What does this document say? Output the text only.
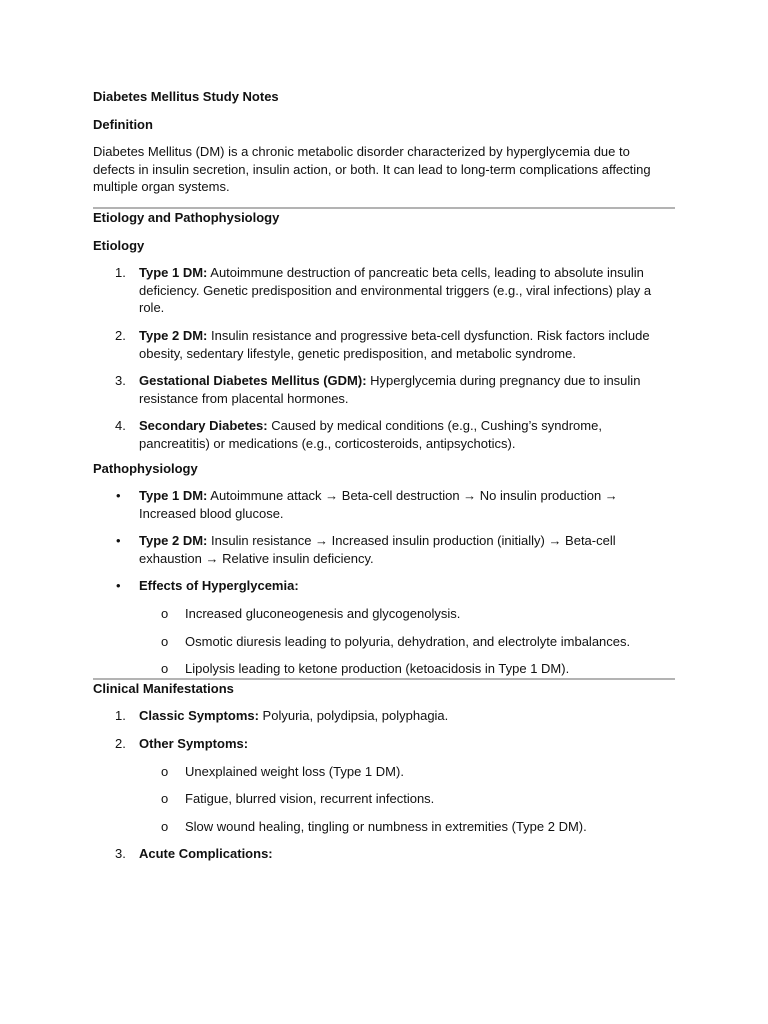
Diabetes Mellitus Study Notes

Definition

Diabetes Mellitus (DM) is a chronic metabolic disorder characterized by hyperglycemia due to defects in insulin secretion, insulin action, or both. It can lead to long-term complications affecting multiple organ systems.

Etiology and Pathophysiology

Etiology

1. Type 1 DM: Autoimmune destruction of pancreatic beta cells, leading to absolute insulin deficiency. Genetic predisposition and environmental triggers (e.g., viral infections) play a role.
2. Type 2 DM: Insulin resistance and progressive beta-cell dysfunction. Risk factors include obesity, sedentary lifestyle, genetic predisposition, and metabolic syndrome.
3. Gestational Diabetes Mellitus (GDM): Hyperglycemia during pregnancy due to insulin resistance from placental hormones.
4. Secondary Diabetes: Caused by medical conditions (e.g., Cushing’s syndrome, pancreatitis) or medications (e.g., corticosteroids, antipsychotics).

Pathophysiology

• Type 1 DM: Autoimmune attack → Beta-cell destruction → No insulin production → Increased blood glucose.
• Type 2 DM: Insulin resistance → Increased insulin production (initially) → Beta-cell exhaustion → Relative insulin deficiency.
• Effects of Hyperglycemia:
o Increased gluconeogenesis and glycogenolysis.
o Osmotic diuresis leading to polyuria, dehydration, and electrolyte imbalances.
o Lipolysis leading to ketone production (ketoacidosis in Type 1 DM).

Clinical Manifestations

1. Classic Symptoms: Polyuria, polydipsia, polyphagia.
2. Other Symptoms:
o Unexplained weight loss (Type 1 DM).
o Fatigue, blurred vision, recurrent infections.
o Slow wound healing, tingling or numbness in extremities (Type 2 DM).
3. Acute Complications:
